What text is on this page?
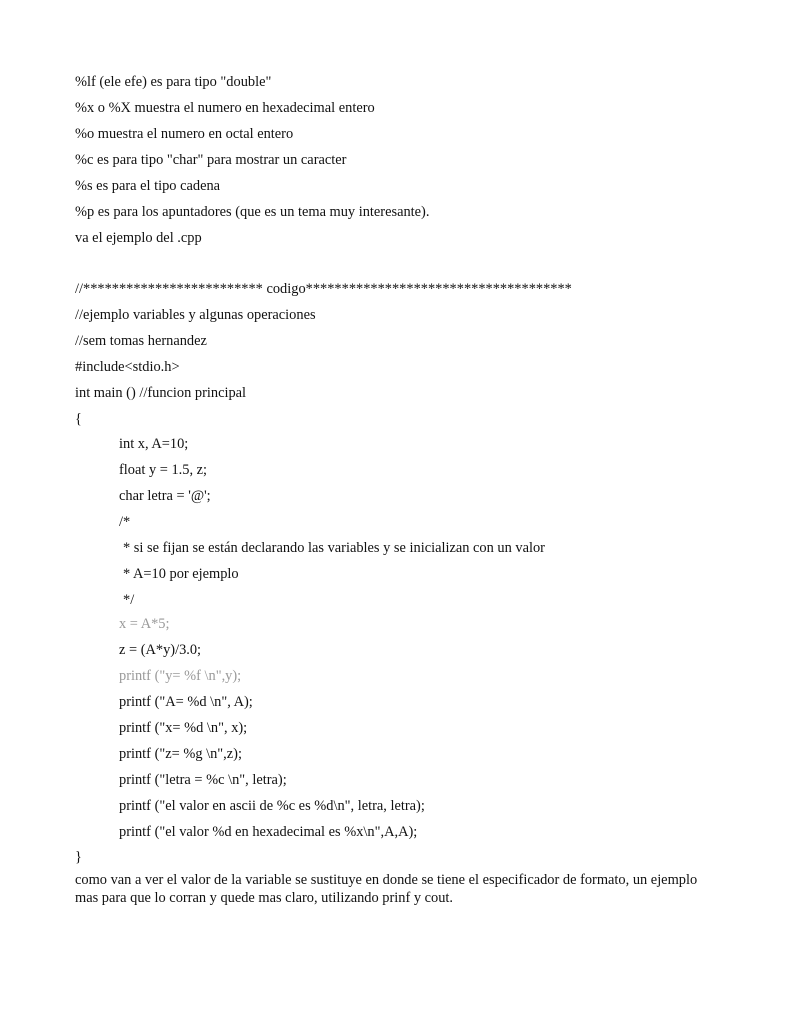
%lf (ele efe) es para tipo "double"
%x o %X muestra el numero en hexadecimal entero
%o muestra el numero en octal entero
%c es para tipo "char" para mostrar un caracter
%s es para el tipo cadena
%p es para los apuntadores (que es un tema muy interesante).
va el ejemplo del .cpp
//************************* codigo*************************************
//ejemplo variables y algunas operaciones
//sem tomas hernandez
#include<stdio.h>
int main () //funcion principal
{
int x, A=10;
float y = 1.5, z;
char letra = '@';
/*
* si se fijan se están declarando las variables y se inicializan con un valor
* A=10 por ejemplo
*/
x = A*5;
z = (A*y)/3.0;
printf ("y= %f \n",y);
printf ("A= %d \n", A);
printf ("x= %d \n", x);
printf ("z= %g \n",z);
printf ("letra = %c \n", letra);
printf ("el valor en ascii de %c es %d\n", letra, letra);
printf ("el valor %d en hexadecimal es %x\n",A,A);
}
como van a ver el valor de la variable se sustituye en donde se tiene el especificador de formato, un ejemplo mas para que lo corran y quede mas claro, utilizando prinf y cout.
